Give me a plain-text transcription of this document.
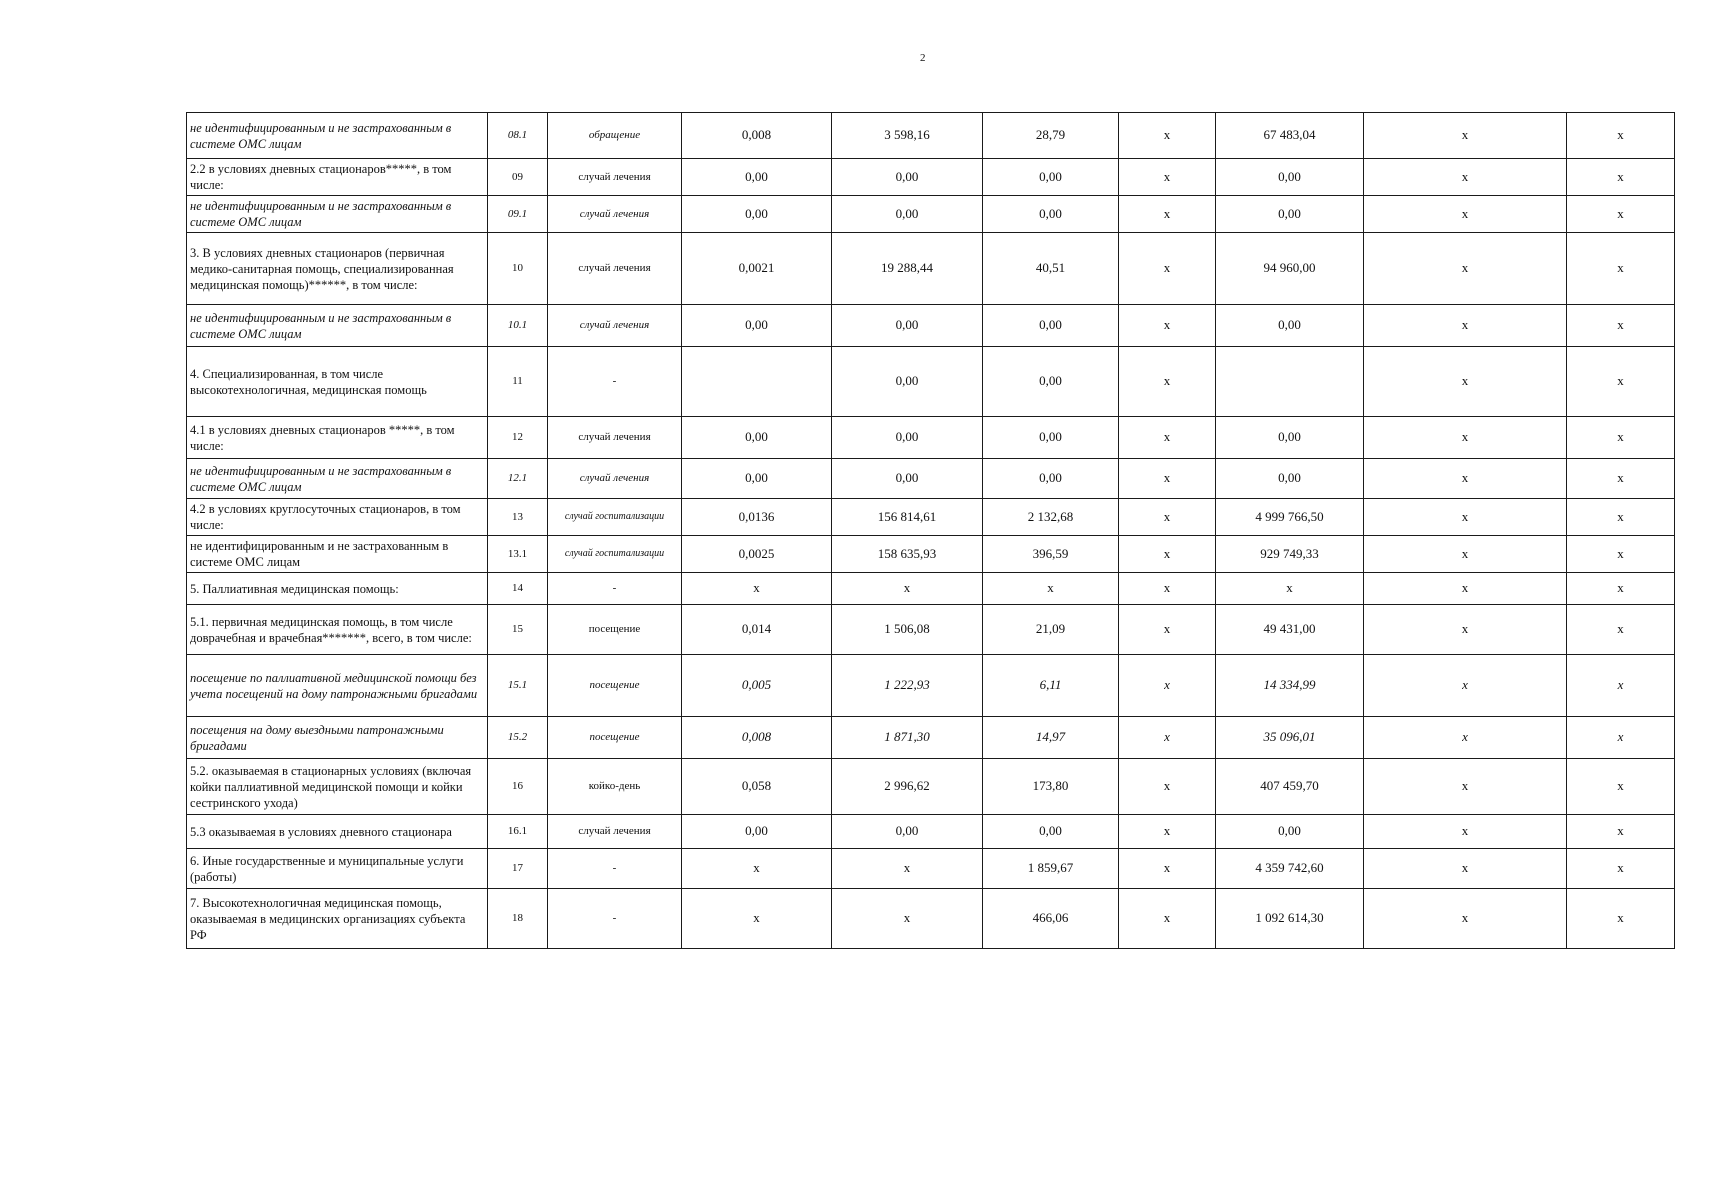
2
не идентифицированным и не застрахованным в системе ОМС лицам	08.1	обращение	0,008	3 598,16	28,79	x	67 483,04	x	x
2.2 в условиях дневных стационаров*****, в том числе:	09	случай лечения	0,00	0,00	0,00	x	0,00	x	x
не идентифицированным и не застрахованным в системе ОМС лицам	09.1	случай лечения	0,00	0,00	0,00	x	0,00	x	x
3. В условиях дневных стационаров (первичная медико-санитарная помощь, специализированная медицинская помощь)******, в том числе:	10	случай лечения	0,0021	19 288,44	40,51	x	94 960,00	x	x
не идентифицированным и не застрахованным в системе ОМС лицам	10.1	случай лечения	0,00	0,00	0,00	x	0,00	x	x
4. Специализированная, в том числе высокотехнологичная, медицинская помощь	11	-		0,00	0,00	x		x	x
4.1 в условиях дневных стационаров *****, в том числе:	12	случай лечения	0,00	0,00	0,00	x	0,00	x	x
не идентифицированным и не застрахованным в системе ОМС лицам	12.1	случай лечения	0,00	0,00	0,00	x	0,00	x	x
4.2 в условиях круглосуточных стационаров, в том числе:	13	случай госпитализации	0,0136	156 814,61	2 132,68	x	4 999 766,50	x	x
не идентифицированным и не застрахованным в системе ОМС лицам	13.1	случай госпитализации	0,0025	158 635,93	396,59	x	929 749,33	x	x
5. Паллиативная медицинская помощь:	14	-	x	x	x	x	x	x	x
5.1. первичная медицинская помощь, в том числе доврачебная и врачебная*******, всего, в том числе:	15	посещение	0,014	1 506,08	21,09	x	49 431,00	x	x
посещение по паллиативной медицинской помощи без учета посещений на дому патронажными бригадами	15.1	посещение	0,005	1 222,93	6,11	x	14 334,99	x	x
посещения на дому выездными патронажными бригадами	15.2	посещение	0,008	1 871,30	14,97	x	35 096,01	x	x
5.2. оказываемая в стационарных условиях (включая койки паллиативной медицинской помощи и койки сестринского ухода)	16	койко-день	0,058	2 996,62	173,80	x	407 459,70	x	x
5.3 оказываемая в условиях дневного стационара	16.1	случай лечения	0,00	0,00	0,00	x	0,00	x	x
6. Иные государственные и муниципальные услуги (работы)	17	-	x	x	1 859,67	x	4 359 742,60	x	x
7. Высокотехнологичная медицинская помощь, оказываемая в медицинских организациях субъекта РФ	18	-	x	x	466,06	x	1 092 614,30	x	x
